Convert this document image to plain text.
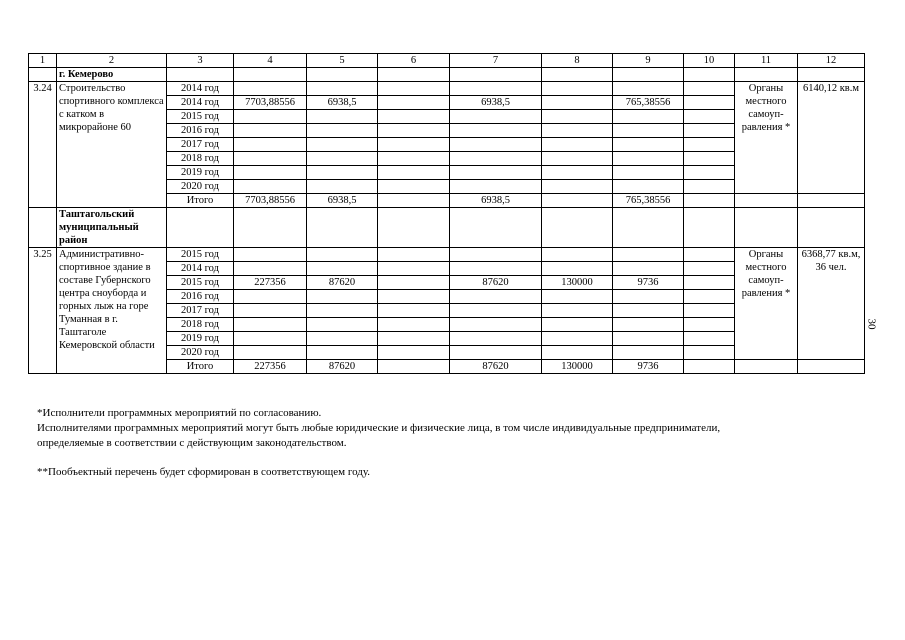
1	2	3	4	5	6	7	8	9	10	11	12
	г. Кемерово										
3.24	Строительство спортивного комплекса с катком в микрорайоне 60	2014 год								Органы местного самоуп-равления *	6140,12 кв.м
		2014 год	7703,88556	6938,5		6938,5		765,38556			
		2015 год									
		2016 год									
		2017 год									
		2018 год									
		2019 год									
		2020 год									
		Итого	7703,88556	6938,5		6938,5		765,38556			
	Таштагольский муниципальный район										
3.25	Административно-спортивное здание в составе Губернского центра сноуборда и горных лыж на горе Туманная в г. Таштаголе Кемеровской области	2015 год								Органы местного самоуп-равления *	6368,77 кв.м, 36 чел.
		2014 год									
		2015 год	227356	87620		87620	130000	9736			
		2016 год									
		2017 год									
		2018 год									
		2019 год									
		2020 год									
		Итого	227356	87620		87620	130000	9736			

*Исполнители программных мероприятий по согласованию.

Исполнителями программных мероприятий могут быть любые юридические и физические лица, в том числе индивидуальные предприниматели,

определяемые в соответствии с действующим законодательством.

**Пообъектный перечень будет сформирован в соответствующем году.

30
